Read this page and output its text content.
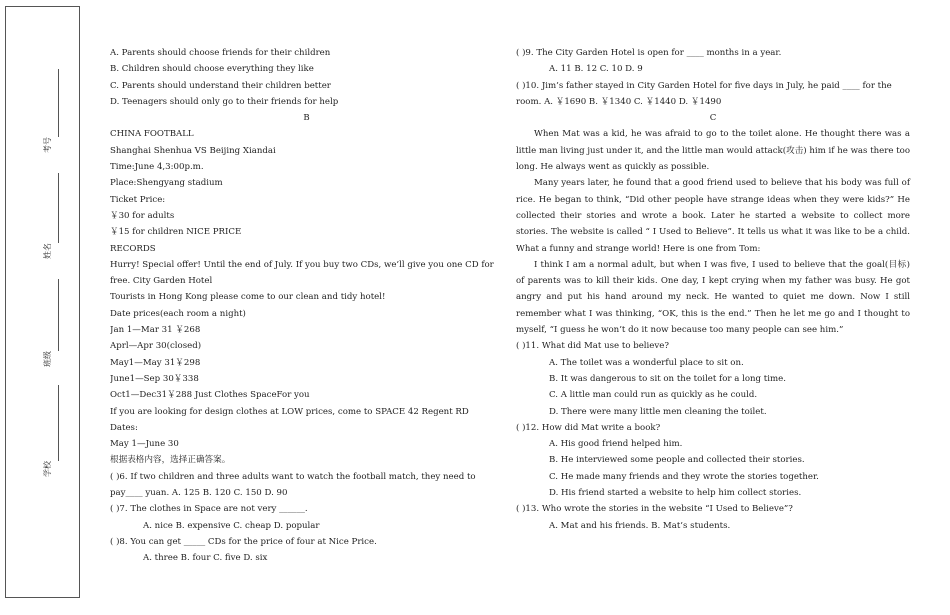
考号
姓名
班级
学校
A. Parents should choose friends for their children
B. Children should choose everything they like
C. Parents should understand their children better
D. Teenagers should only go to their friends for help
B
CHINA FOOTBALL
Shanghai Shenhua VS Beijing Xiandai
Time:June 4,3:00p.m.
Place:Shengyang stadium
Ticket Price:
￥30 for adults
￥15 for children NICE PRICE
RECORDS
Hurry! Special offer! Until the end of July. If you buy two CDs, we’ll give you one CD for free. City Garden Hotel
Tourists in Hong Kong please come to our clean and tidy hotel!
Date prices(each room a night)
Jan 1—Mar 31 ￥268
Aprl—Apr 30(closed)
May1—May 31￥298
June1—Sep 30￥338
Oct1—Dec31￥288 Just Clothes SpaceFor you
If you are looking for design clothes at LOW prices, come to SPACE 42 Regent RD
Dates:
May 1—June 30
根据表格内容，选择正确答案。
( )6. If two children and three adults want to watch the football match, they need to pay____ yuan. A. 125 B. 120 C. 150 D. 90
( )7. The clothes in Space are not very ______.
A. nice B. expensive C. cheap D. popular
( )8. You can get _____ CDs for the price of four at Nice Price.
A. three B. four C. five D. six
( )9. The City Garden Hotel is open for ____ months in a year.
A. 11 B. 12 C. 10 D. 9
( )10. Jim’s father stayed in City Garden Hotel for five days in July, he paid ____ for the room. A. ￥1690 B. ￥1340 C. ￥1440 D. ￥1490
C
When Mat was a kid, he was afraid to go to the toilet alone. He thought there was a little man living just under it, and the little man would attack(攻击) him if he was there too long. He always went as quickly as possible.
Many years later, he found that a good friend used to believe that his body was full of rice. He began to think, “Did other people have strange ideas when they were kids?” He collected their stories and wrote a book. Later he started a website to collect more stories. The website is called “ I Used to Believe”. It tells us what it was like to be a child. What a funny and strange world! Here is one from Tom:
I think I am a normal adult, but when I was five, I used to believe that the goal(目标) of parents was to kill their kids. One day, I kept crying when my father was busy. He got angry and put his hand around my neck. He wanted to quiet me down. Now I still remember what I was thinking, “OK, this is the end.” Then he let me go and I thought to myself, “I guess he won’t do it now because too many people can see him.”
( )11. What did Mat use to believe?
A. The toilet was a wonderful place to sit on.
B. It was dangerous to sit on the toilet for a long time.
C. A little man could run as quickly as he could.
D. There were many little men cleaning the toilet.
( )12. How did Mat write a book?
A. His good friend helped him.
B. He interviewed some people and collected their stories.
C. He made many friends and they wrote the stories together.
D. His friend started a website to help him collect stories.
( )13. Who wrote the stories in the website “I Used to Believe”?
A. Mat and his friends. B. Mat’s students.
